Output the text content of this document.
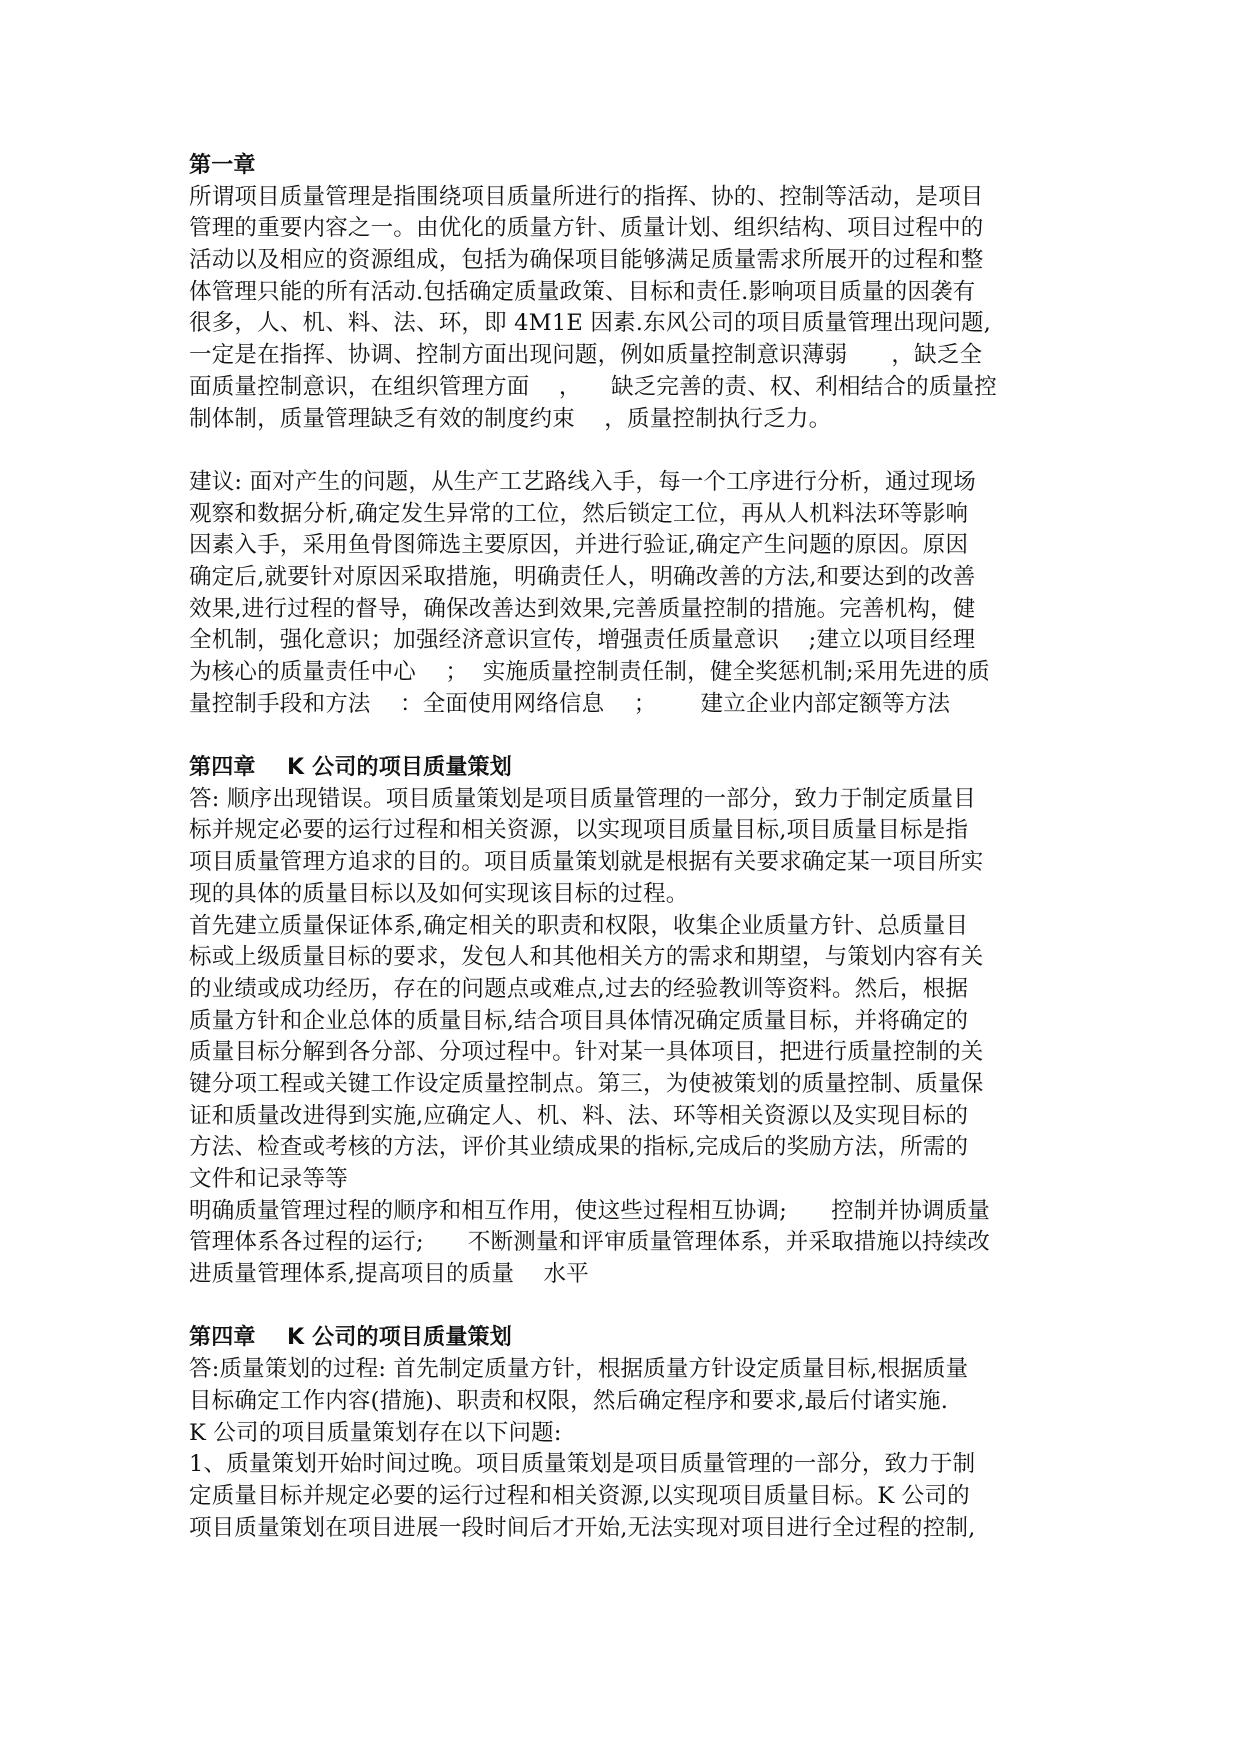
第一章
所谓项目质量管理是指围绕项目质量所进行的指挥、协的、控制等活动，是项目
管理的重要内容之一。由优化的质量方针、质量计划、组织结构、项目过程中的
活动以及相应的资源组成，包括为确保项目能够满足质量需求所展开的过程和整
体管理只能的所有活动.包括确定质量政策、目标和责任.影响项目质量的因袭有
很多，人、机、料、法、环，即 4M1E 因素.东风公司的项目质量管理出现问题,
一定是在指挥、协调、控制方面出现问题，例如质量控制意识薄弱      ，缺乏全
面质量控制意识，在组织管理方面    ，    缺乏完善的责、权、利相结合的质量控
制体制，质量管理缺乏有效的制度约束    ，质量控制执行乏力。
建议: 面对产生的问题，从生产工艺路线入手，每一个工序进行分析，通过现场
观察和数据分析,确定发生异常的工位，然后锁定工位，再从人机料法环等影响
因素入手，采用鱼骨图筛选主要原因，并进行验证,确定产生问题的原因。原因
确定后,就要针对原因采取措施，明确责任人，明确改善的方法,和要达到的改善
效果,进行过程的督导，确保改善达到效果,完善质量控制的措施。完善机构，健
全机制，强化意识；加强经济意识宣传，增强责任质量意识    ;建立以项目经理
为核心的质量责任中心    ；  实施质量控制责任制，健全奖惩机制;采用先进的质
量控制手段和方法    ：全面使用网络信息    ；      建立企业内部定额等方法
第四章    K 公司的项目质量策划
答: 顺序出现错误。项目质量策划是项目质量管理的一部分，致力于制定质量目
标并规定必要的运行过程和相关资源，以实现项目质量目标,项目质量目标是指
项目质量管理方追求的目的。项目质量策划就是根据有关要求确定某一项目所实
现的具体的质量目标以及如何实现该目标的过程。
首先建立质量保证体系,确定相关的职责和权限，收集企业质量方针、总质量目
标或上级质量目标的要求，发包人和其他相关方的需求和期望，与策划内容有关
的业绩或成功经历，存在的问题点或难点,过去的经验教训等资料。然后，根据
质量方针和企业总体的质量目标,结合项目具体情况确定质量目标，并将确定的
质量目标分解到各分部、分项过程中。针对某一具体项目，把进行质量控制的关
键分项工程或关键工作设定质量控制点。第三，为使被策划的质量控制、质量保
证和质量改进得到实施,应确定人、机、料、法、环等相关资源以及实现目标的
方法、检查或考核的方法，评价其业绩成果的指标,完成后的奖励方法，所需的
文件和记录等等
明确质量管理过程的顺序和相互作用，使这些过程相互协调;      控制并协调质量
管理体系各过程的运行;      不断测量和评审质量管理体系，并采取措施以持续改
进质量管理体系,提高项目的质量    水平
第四章    K 公司的项目质量策划
答:质量策划的过程: 首先制定质量方针，根据质量方针设定质量目标,根据质量
目标确定工作内容(措施)、职责和权限，然后确定程序和要求,最后付诸实施.
K 公司的项目质量策划存在以下问题:
1、质量策划开始时间过晚。项目质量策划是项目质量管理的一部分，致力于制
定质量目标并规定必要的运行过程和相关资源,以实现项目质量目标。K 公司的
项目质量策划在项目进展一段时间后才开始,无法实现对项目进行全过程的控制,
